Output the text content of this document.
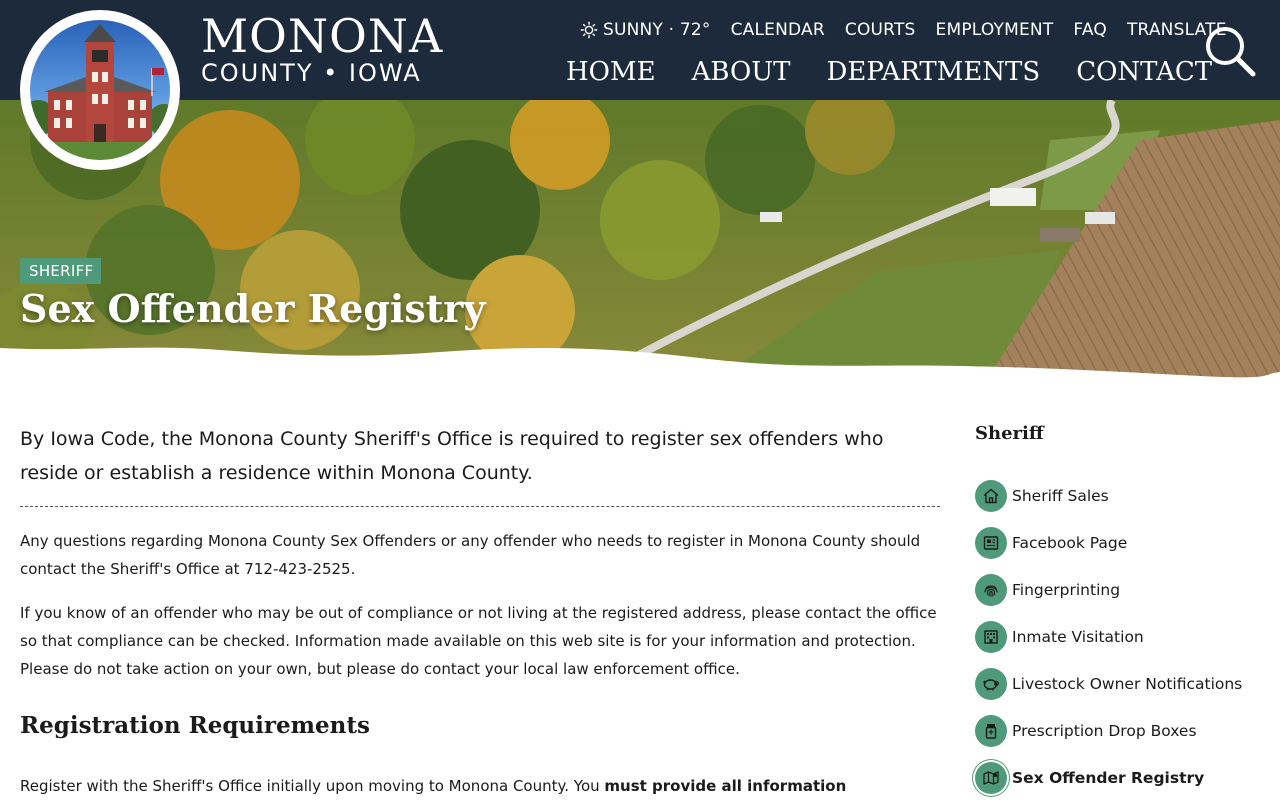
MONONA
COUNTY • IOWA
SUNNY · 72° CALENDAR COURTS EMPLOYMENT FAQ TRANSLATE
HOME ABOUT DEPARTMENTS CONTACT
SHERIFF
Sex Offender Registry

By Iowa Code, the Monona County Sheriff's Office is required to register sex offenders who reside or establish a residence within Monona County.

Any questions regarding Monona County Sex Offenders or any offender who needs to register in Monona County should contact the Sheriff's Office at 712-423-2525.

If you know of an offender who may be out of compliance or not living at the registered address, please contact the office so that compliance can be checked. Information made available on this web site is for your information and protection. Please do not take action on your own, but please do contact your local law enforcement office.

Registration Requirements

Register with the Sheriff's Office initially upon moving to Monona County. You must provide all information

Sheriff
Sheriff Sales
Facebook Page
Fingerprinting
Inmate Visitation
Livestock Owner Notifications
Prescription Drop Boxes
Sex Offender Registry
